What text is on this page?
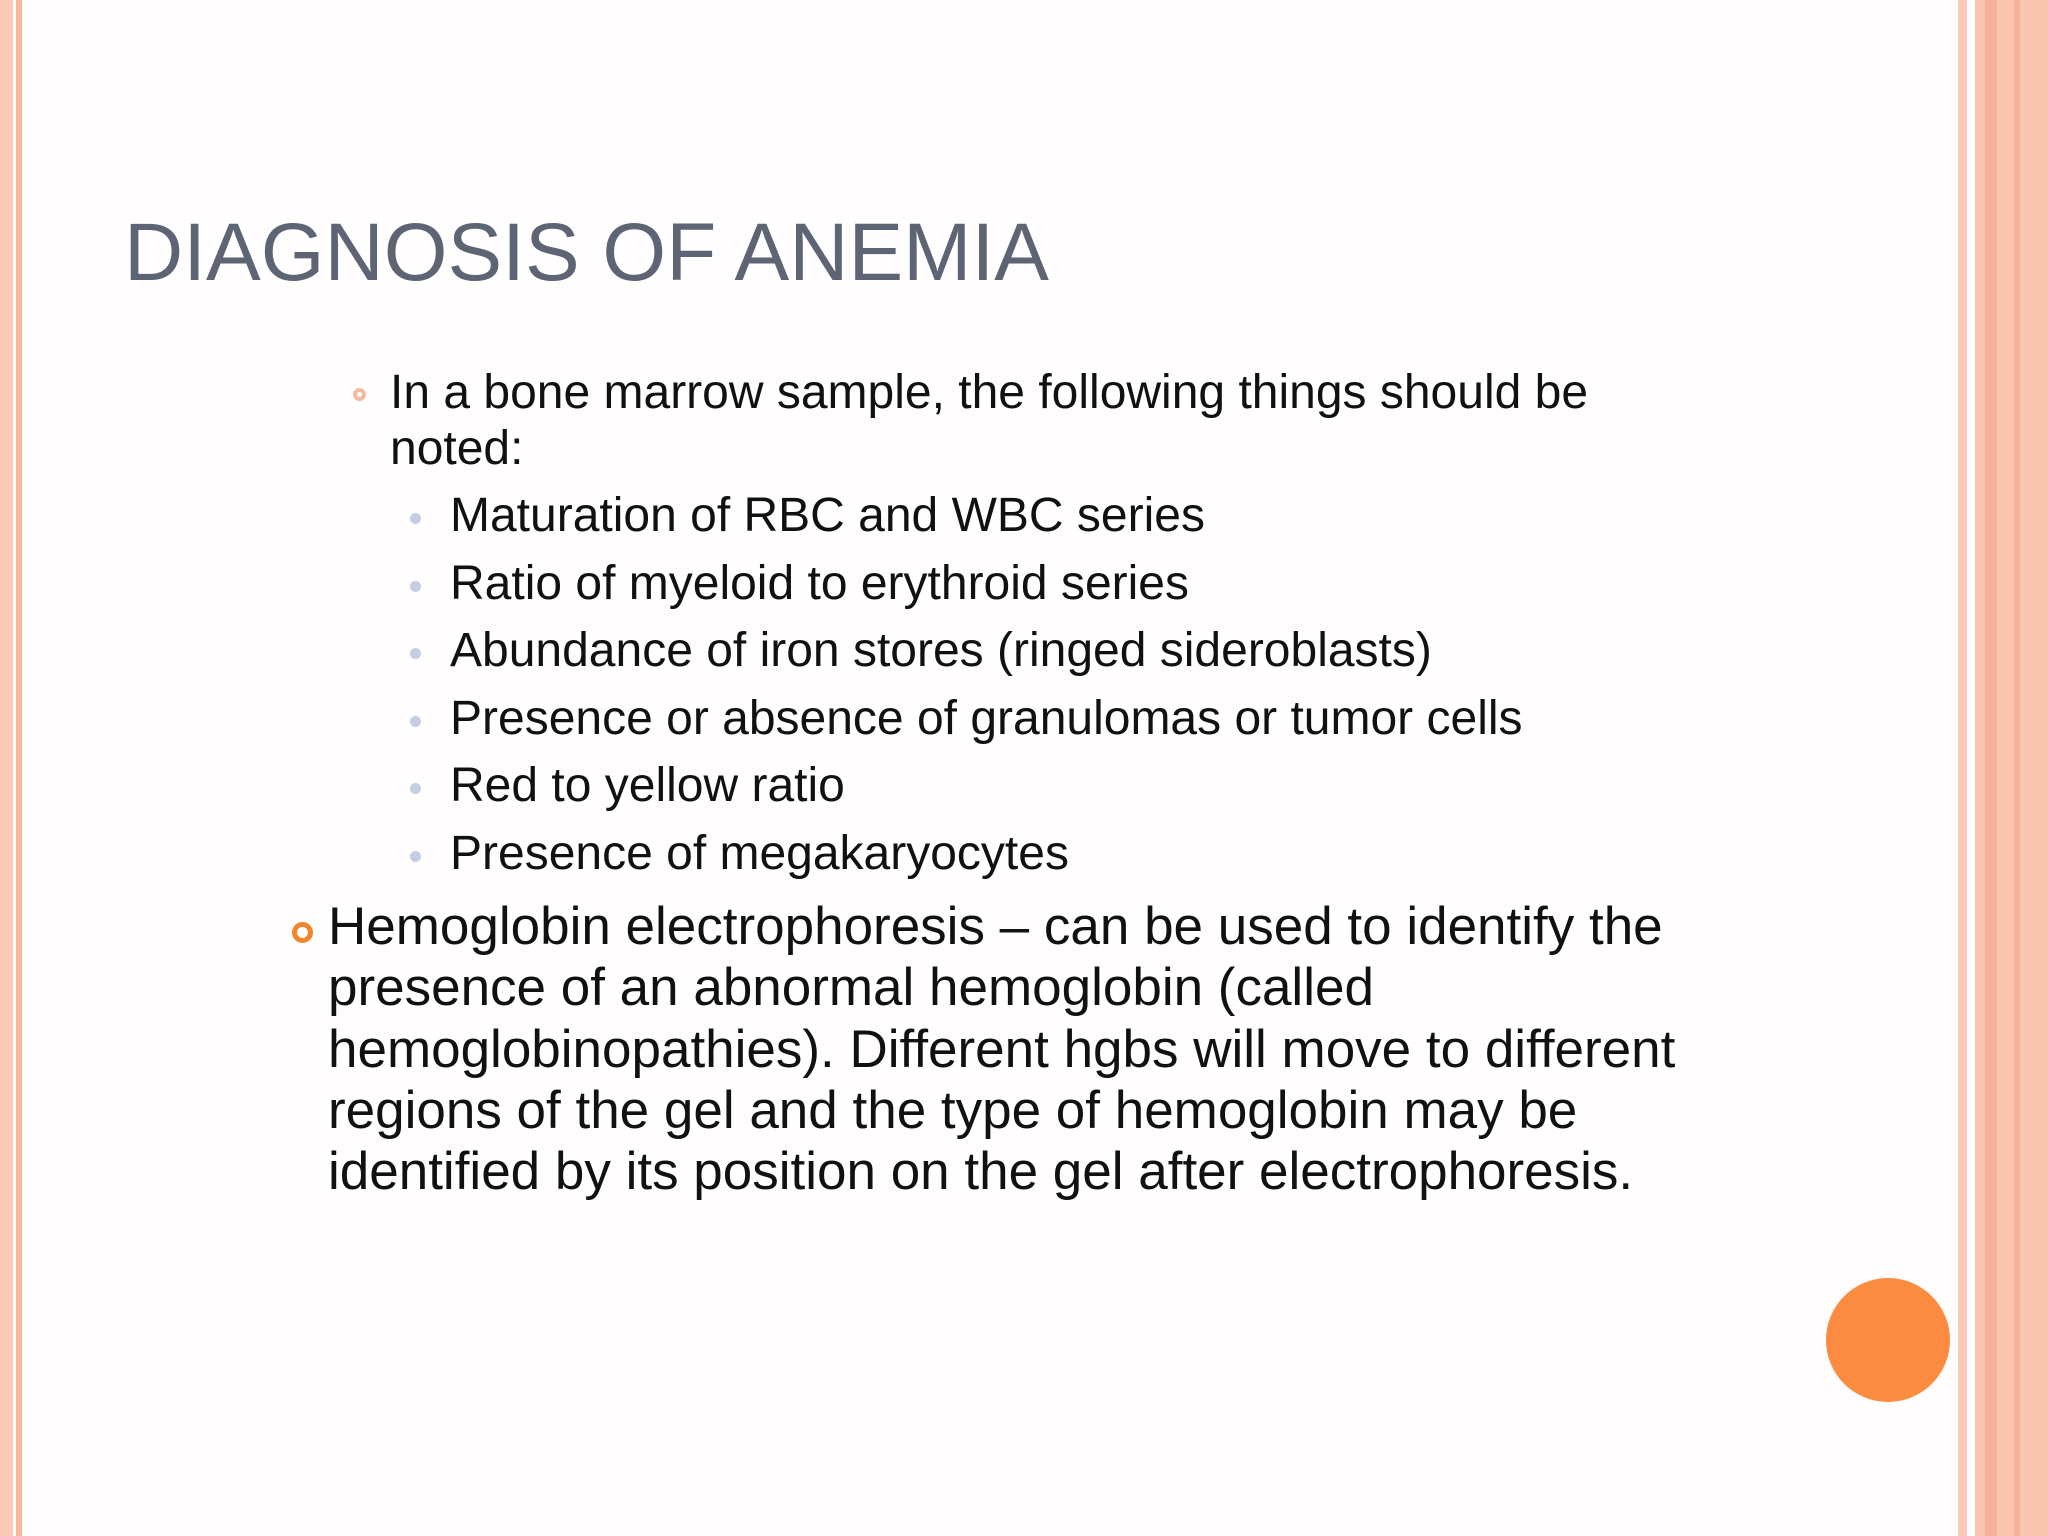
DIAGNOSIS OF ANEMIA
In a bone marrow sample, the following things should be noted:
Maturation of RBC and WBC series
Ratio of myeloid to erythroid series
Abundance of iron stores (ringed sideroblasts)
Presence or absence of granulomas or tumor cells
Red to yellow ratio
Presence of megakaryocytes
Hemoglobin electrophoresis – can be used to identify the presence of an abnormal hemoglobin (called hemoglobinopathies). Different hgbs will move to different regions of the gel and the type of hemoglobin may be identified by its position on the gel after electrophoresis.
